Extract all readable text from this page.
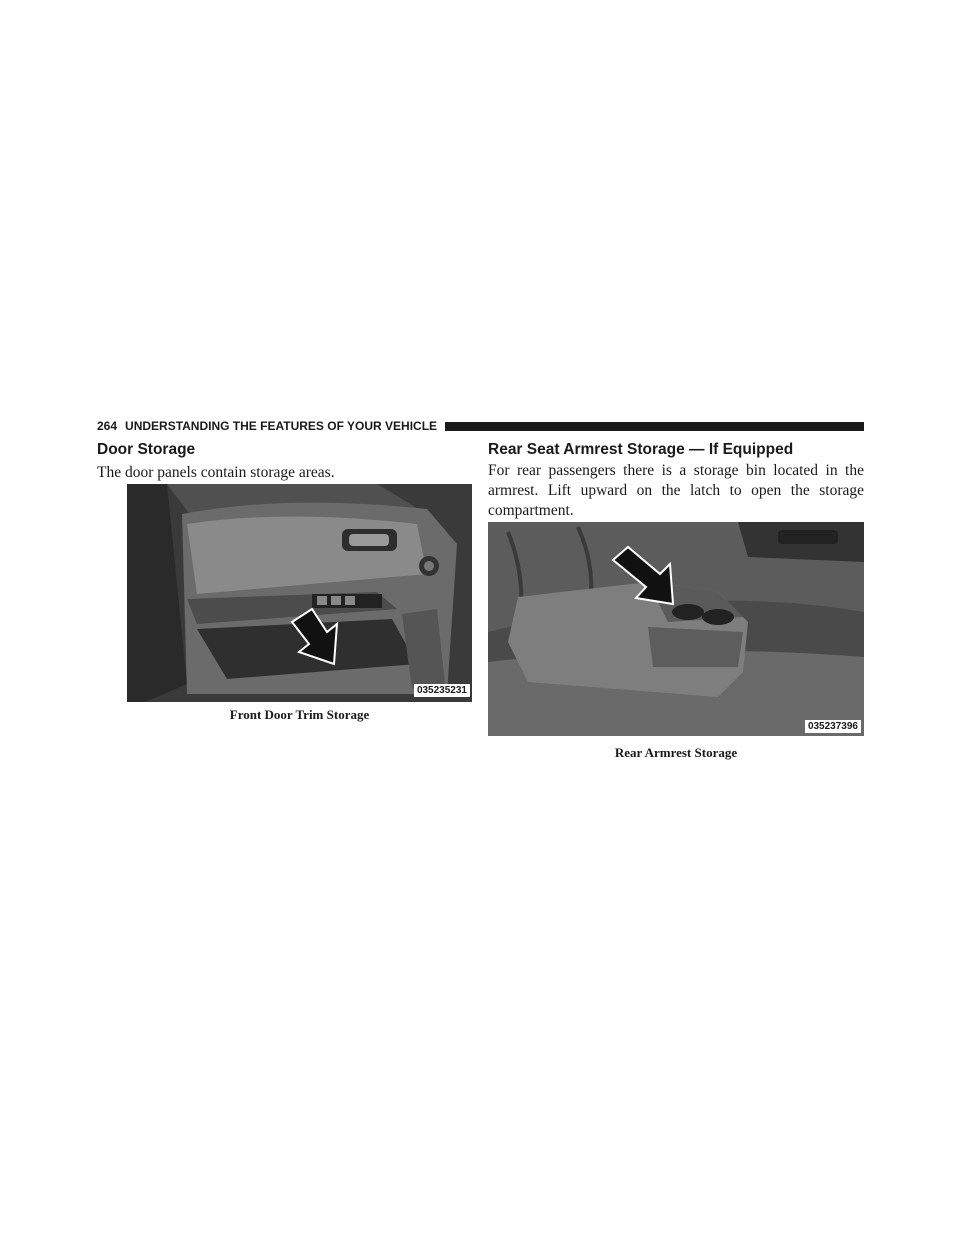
264 UNDERSTANDING THE FEATURES OF YOUR VEHICLE
Door Storage
The door panels contain storage areas.
035235231
Front Door Trim Storage
Rear Seat Armrest Storage — If Equipped
For rear passengers there is a storage bin located in the armrest. Lift upward on the latch to open the storage compartment.
035237396
Rear Armrest Storage
